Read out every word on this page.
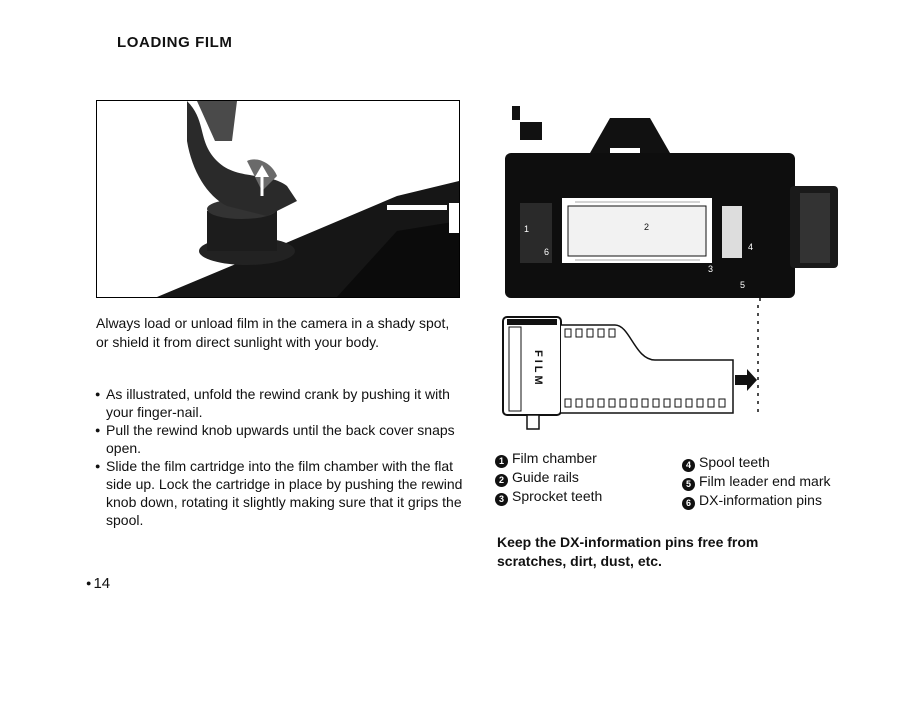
LOADING FILM
1	2
3
4
5
6
FILM

Always load or unload film in the camera in a shady spot, or shield it from direct sunlight with your body.

● As illustrated, unfold the rewind crank by pushing it with your finger-nail.
● Pull the rewind knob upwards until the back cover snaps open.
● Slide the film cartridge into the film chamber with the flat side up. Lock the cartridge in place by pushing the rewind knob down, rotating it slightly making sure that it grips the spool.
1 Film chamber
2 Guide rails
3 Sprocket teeth
4 Spool teeth
5 Film leader end mark
6 DX-information pins

Keep the DX-information pins free from scratches, dirt, dust, etc.

● 14
